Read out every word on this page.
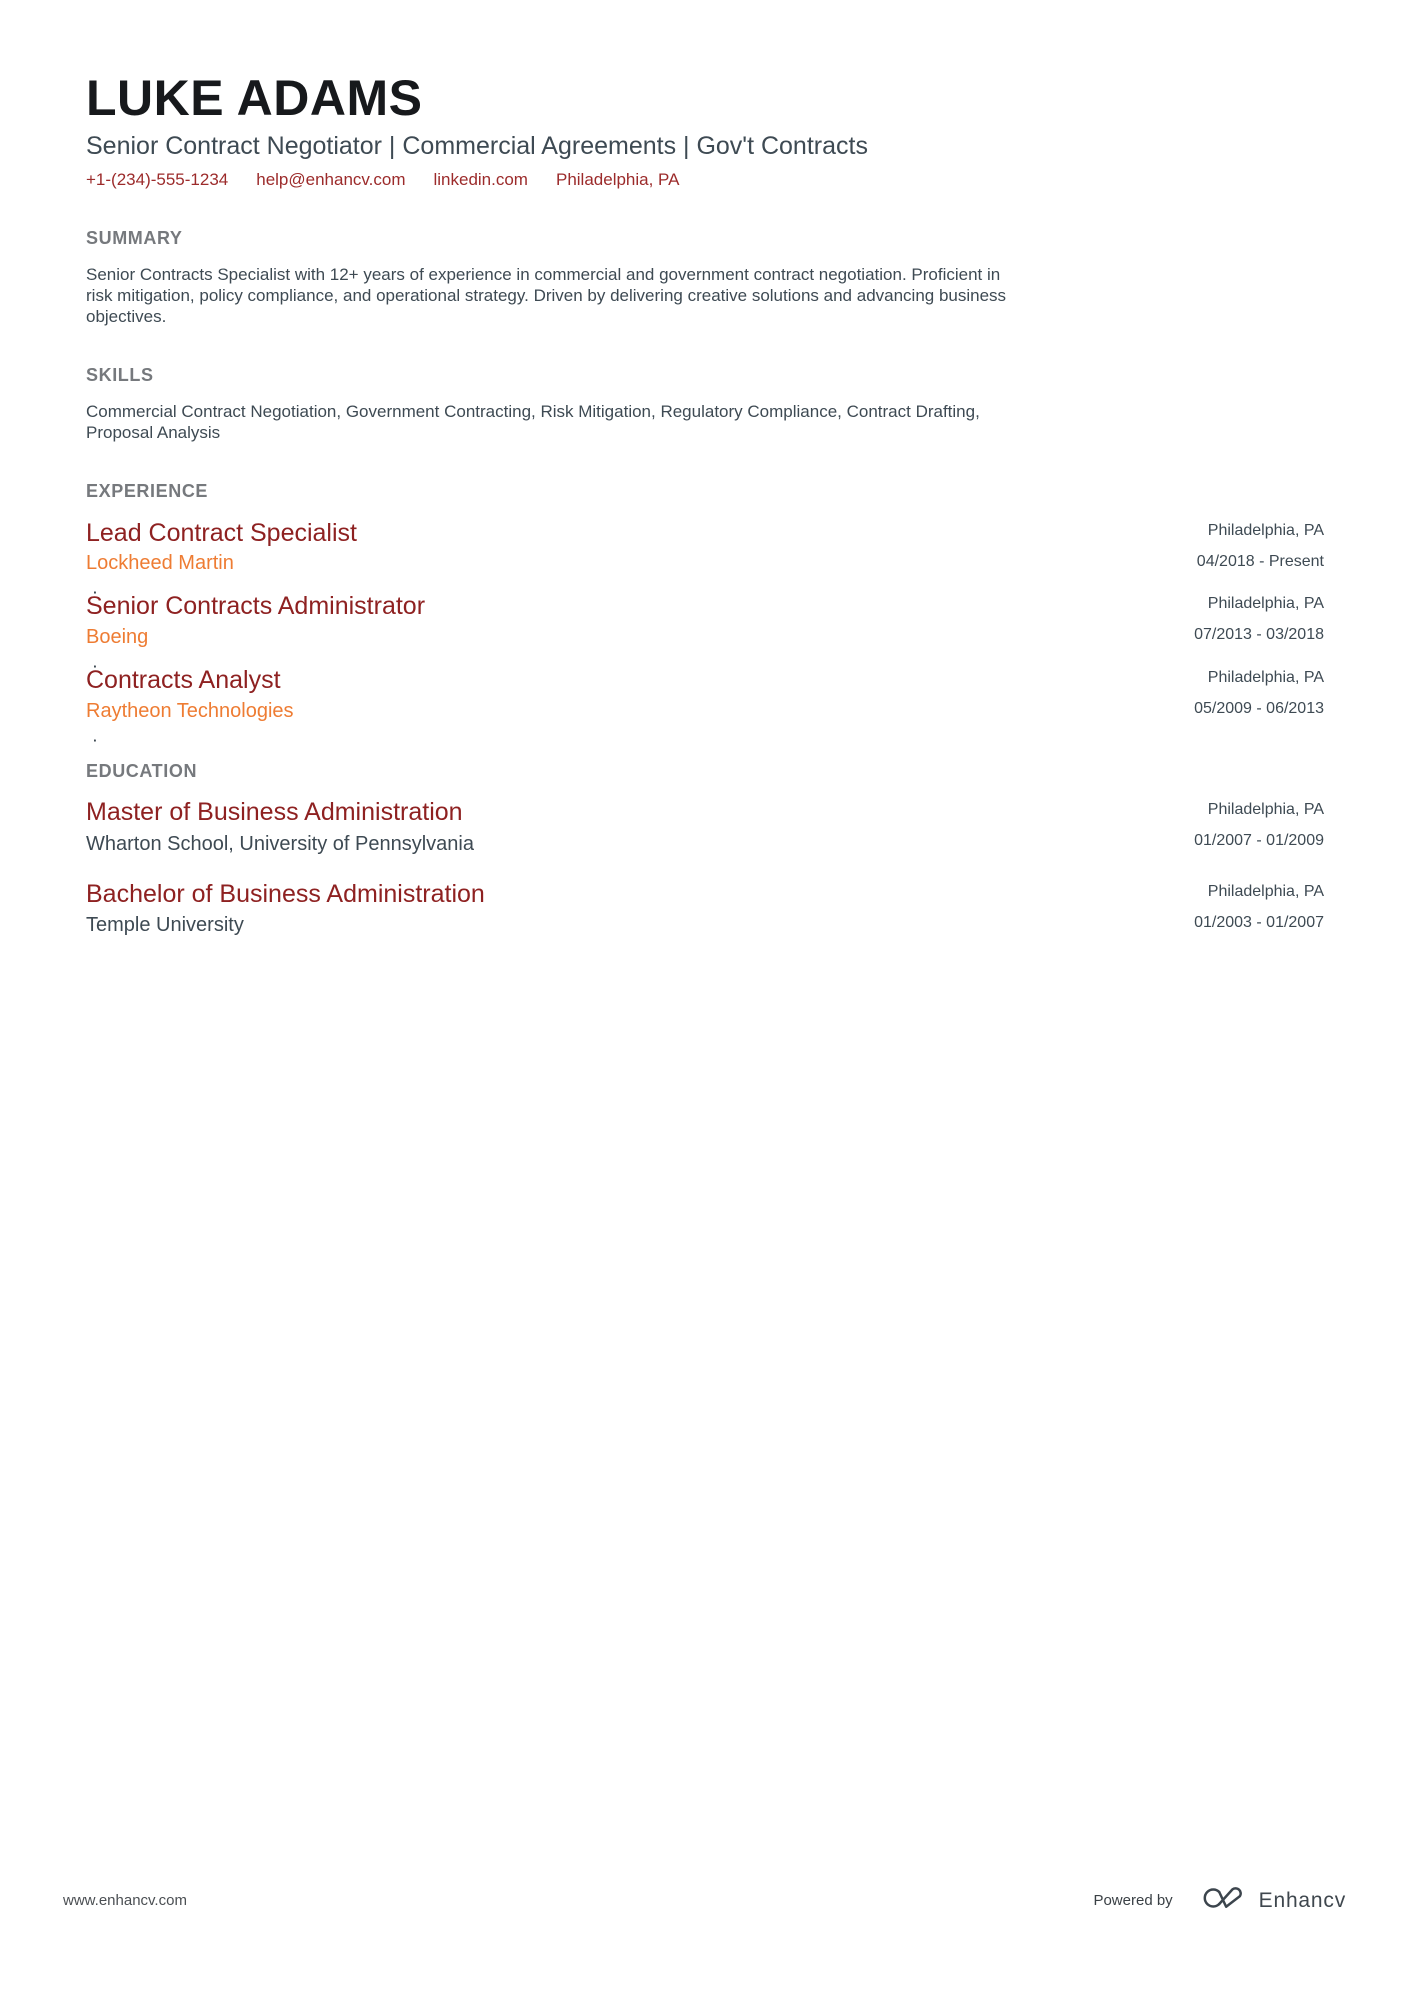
LUKE ADAMS
Senior Contract Negotiator | Commercial Agreements | Gov't Contracts
+1-(234)-555-1234 help@enhancv.com linkedin.com Philadelphia, PA
SUMMARY
Senior Contracts Specialist with 12+ years of experience in commercial and government contract negotiation. Proficient in risk mitigation, policy compliance, and operational strategy. Driven by delivering creative solutions and advancing business objectives.
SKILLS
Commercial Contract Negotiation, Government Contracting, Risk Mitigation, Regulatory Compliance, Contract Drafting, Proposal Analysis
EXPERIENCE
Lead Contract Specialist
Lockheed Martin
Philadelphia, PA
04/2018 - Present
Senior Contracts Administrator
Boeing
Philadelphia, PA
07/2013 - 03/2018
Contracts Analyst
Raytheon Technologies
Philadelphia, PA
05/2009 - 06/2013
EDUCATION
Master of Business Administration
Wharton School, University of Pennsylvania
Philadelphia, PA
01/2007 - 01/2009
Bachelor of Business Administration
Temple University
Philadelphia, PA
01/2003 - 01/2007
www.enhancv.com	Powered by	Enhancv
